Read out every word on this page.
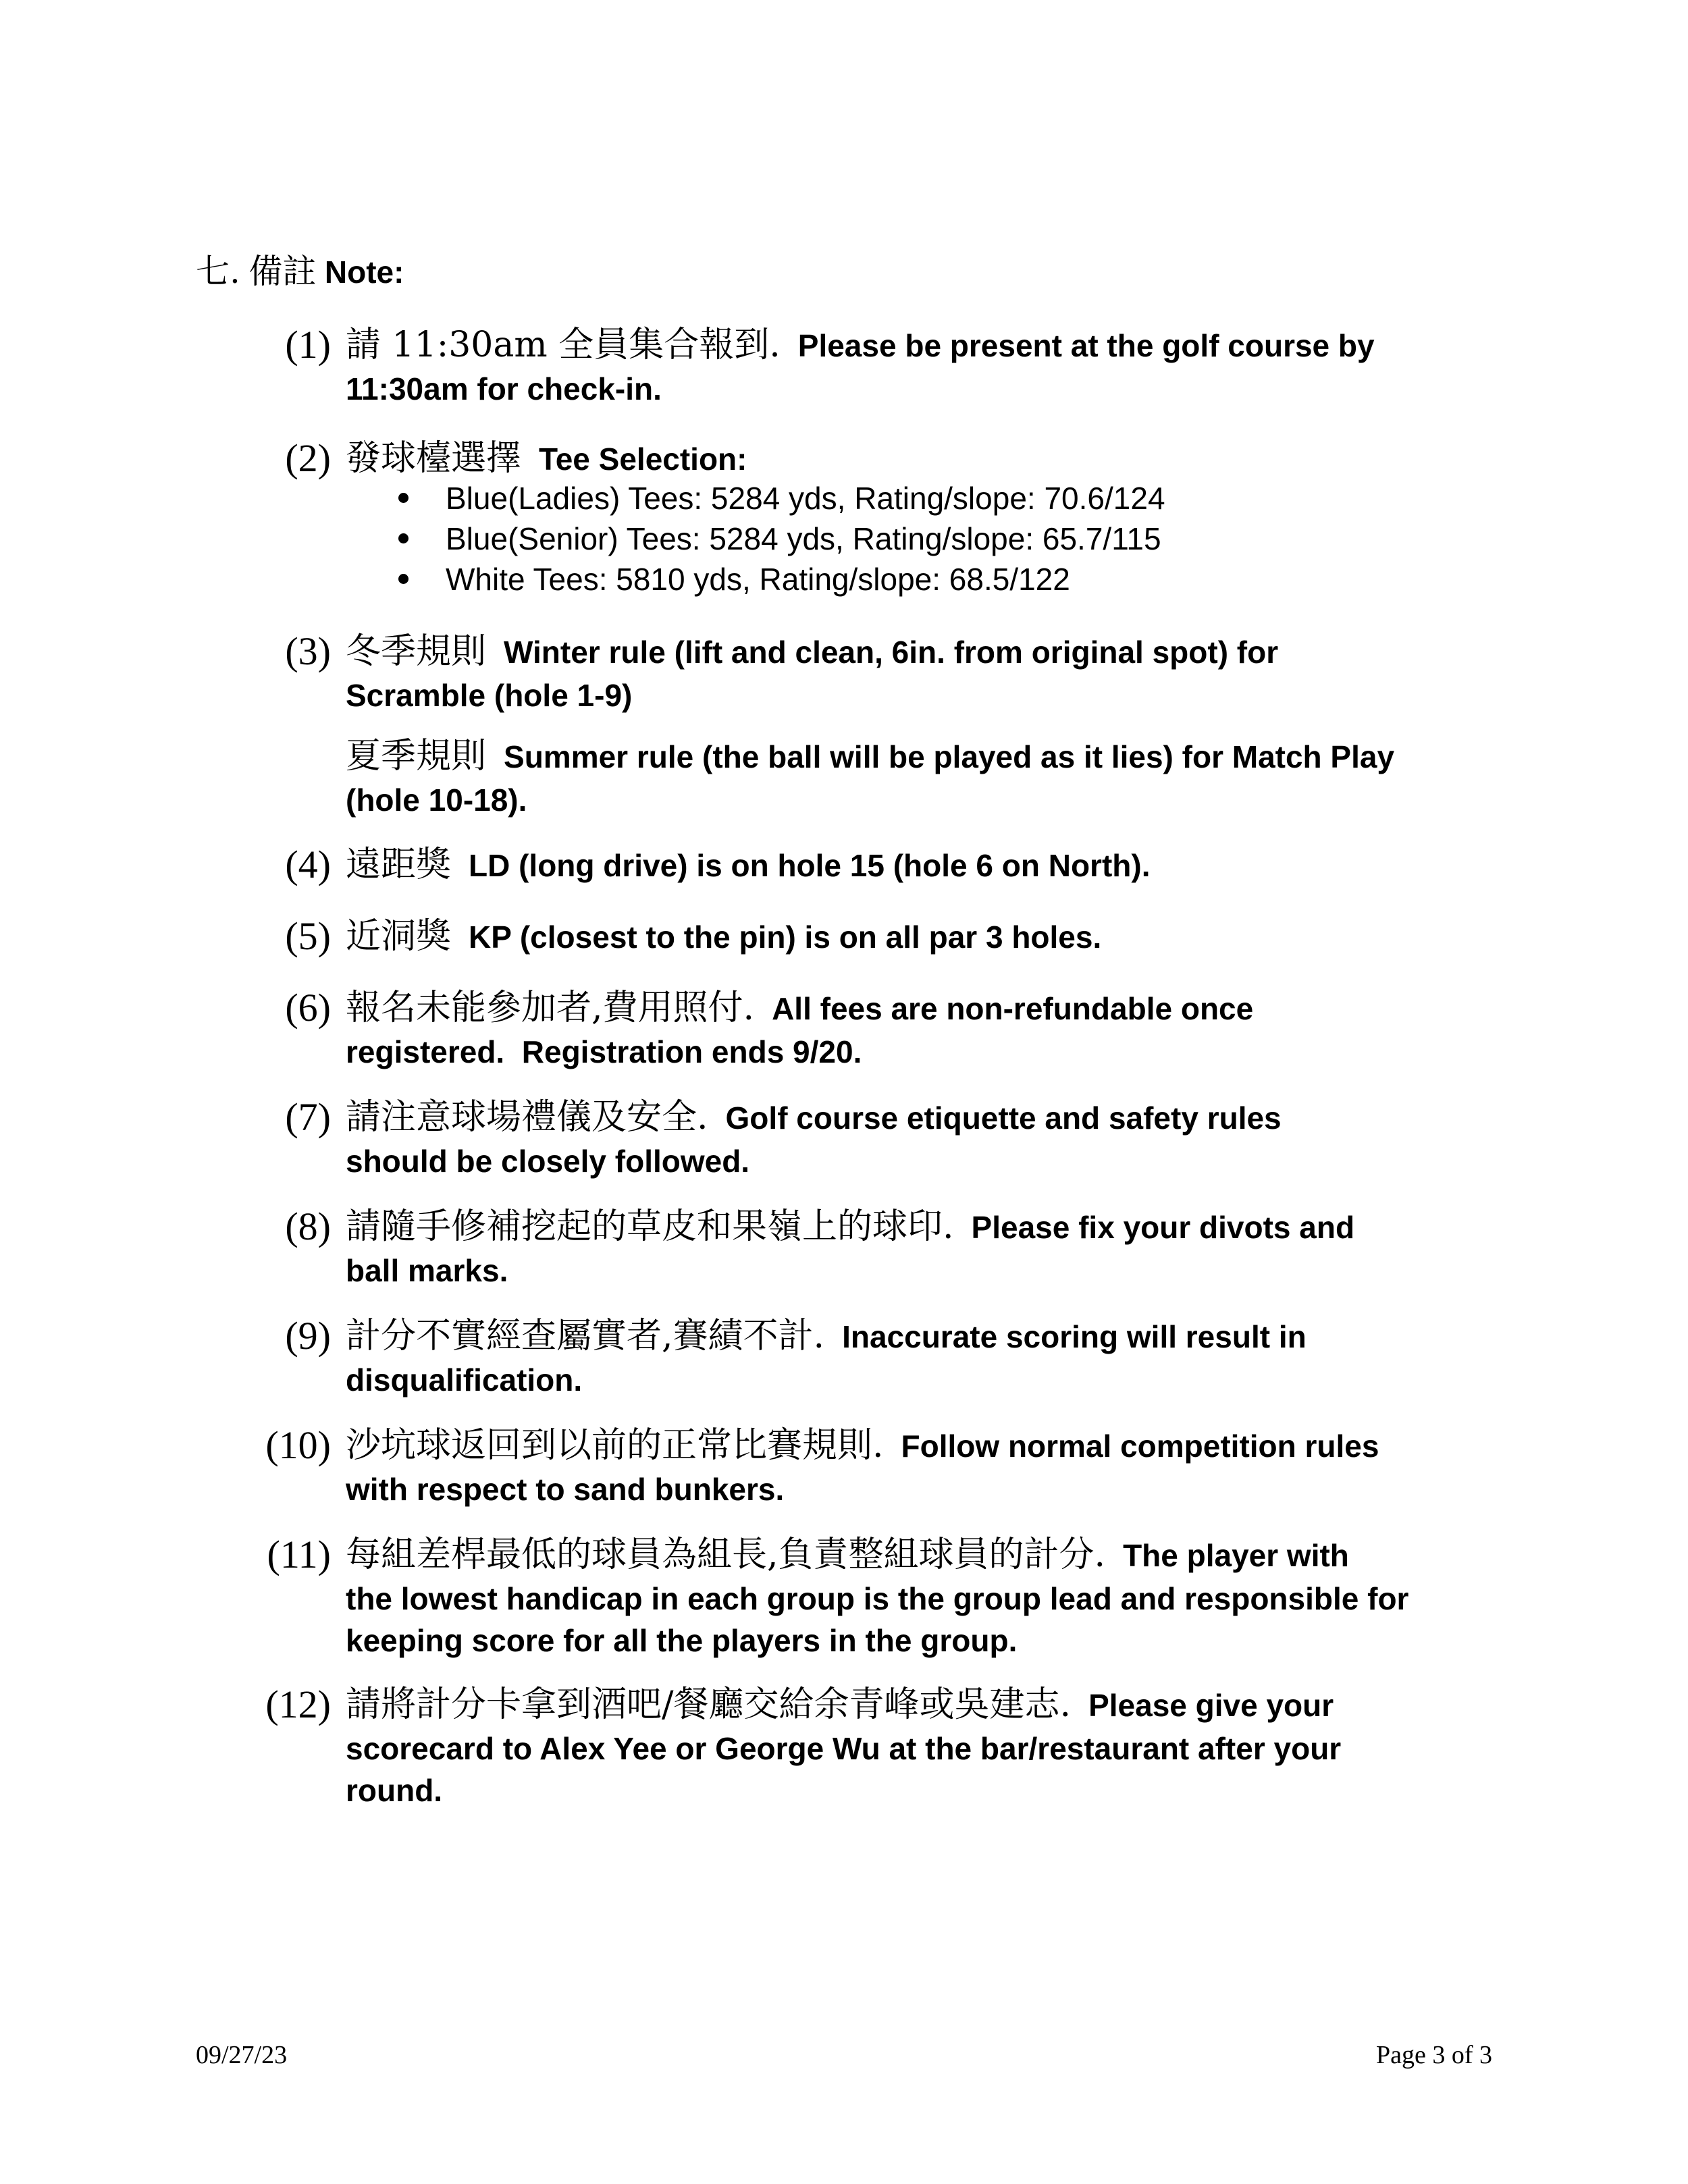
七. 備註 Note:
(1) 請 11:30am 全員集合報到. Please be present at the golf course by
11:30am for check-in.
(2) 發球檯選擇 Tee Selection:
Blue(Ladies) Tees: 5284 yds, Rating/slope: 70.6/124
Blue(Senior) Tees: 5284 yds, Rating/slope: 65.7/115
White Tees: 5810 yds, Rating/slope: 68.5/122
(3) 冬季規則 Winter rule (lift and clean, 6in. from original spot) for
Scramble (hole 1-9)
夏季規則 Summer rule (the ball will be played as it lies) for Match Play
(hole 10-18).
(4) 遠距獎 LD (long drive) is on hole 15 (hole 6 on North).
(5) 近洞獎 KP (closest to the pin) is on all par 3 holes.
(6) 報名未能參加者,費用照付. All fees are non-refundable once
registered.  Registration ends 9/20.
(7) 請注意球場禮儀及安全. Golf course etiquette and safety rules
should be closely followed.
(8) 請隨手修補挖起的草皮和果嶺上的球印. Please fix your divots and
ball marks.
(9) 計分不實經查屬實者,賽績不計. Inaccurate scoring will result in
disqualification.
(10) 沙坑球返回到以前的正常比賽規則. Follow normal competition rules
with respect to sand bunkers.
(11) 每組差桿最低的球員為組長,負責整組球員的計分. The player with
the lowest handicap in each group is the group lead and responsible for
keeping score for all the players in the group.
(12) 請將計分卡拿到酒吧/餐廳交給余青峰或吳建志. Please give your
scorecard to Alex Yee or George Wu at the bar/restaurant after your
round.
09/27/23	Page 3 of 3
